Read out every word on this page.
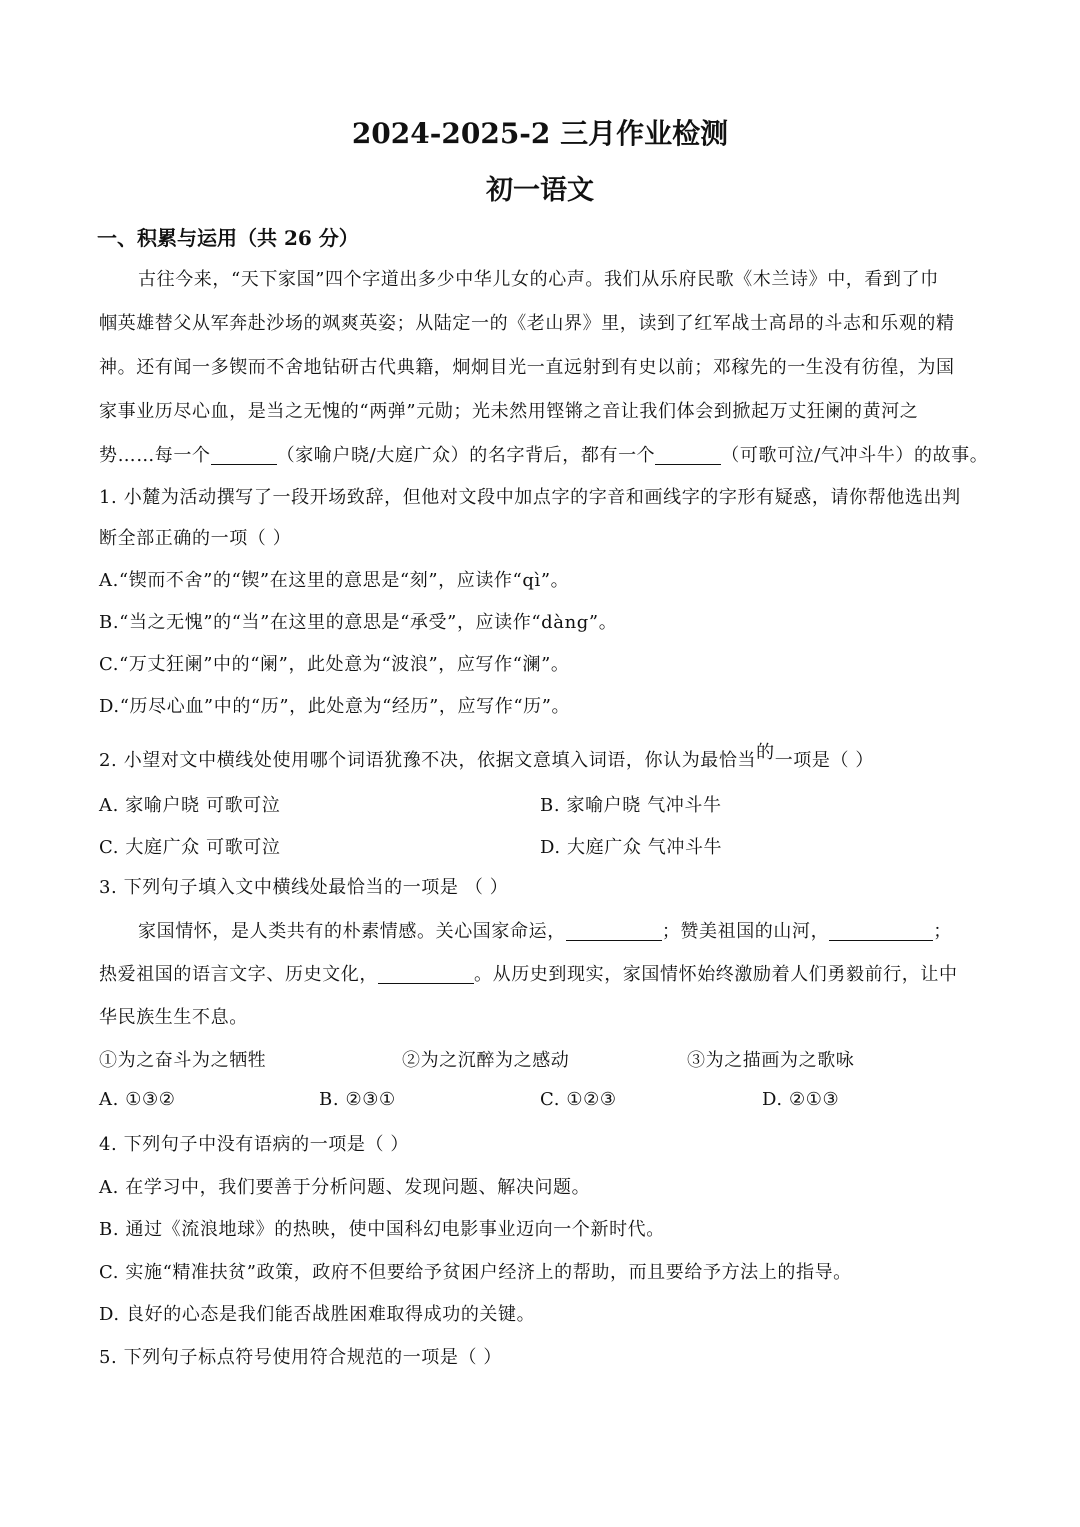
2024-2025-2 三月作业检测
初一语文
一、积累与运用（共 26 分）
古往今来，“天下家国”四个字道出多少中华儿女的心声。我们从乐府民歌《木兰诗》中，看到了巾
帼英雄替父从军奔赴沙场的飒爽英姿；从陆定一的《老山界》里，读到了红军战士高昂的斗志和乐观的精
神。还有闻一多锲而不舍地钻研古代典籍，炯炯目光一直远射到有史以前；邓稼先的一生没有彷徨，为国
家事业历尽心血，是当之无愧的“两弹”元勋；光未然用铿锵之音让我们体会到掀起万丈狂阑的黄河之
势……每一个	（家喻户晓/大庭广众）的名字背后，都有一个	（可歌可泣/气冲斗牛）的故事。
1. 小麓为活动撰写了一段开场致辞，但他对文段中加点字的字音和画线字的字形有疑惑，请你帮他选出判
断全部正确的一项（ ）
A.“锲而不舍”的“锲”在这里的意思是“刻”，应读作“qì”。
B.“当之无愧”的“当”在这里的意思是“承受”，应读作“dàng”。
C.“万丈狂阑”中的“阑”，此处意为“波浪”，应写作“澜”。
D.“历尽心血”中的“历”，此处意为“经历”，应写作“历”。
2. 小望对文中横线处使用哪个词语犹豫不决，依据文意填入词语，你认为最恰当的一项是（ ）
A. 家喻户晓 可歌可泣	B. 家喻户晓 气冲斗牛
C. 大庭广众 可歌可泣	D. 大庭广众 气冲斗牛
3. 下列句子填入文中横线处最恰当的一项是 （ ）
家国情怀，是人类共有的朴素情感。关心国家命运，	；赞美祖国的山河，	；
热爱祖国的语言文字、历史文化，	。从历史到现实，家国情怀始终激励着人们勇毅前行，让中
华民族生生不息。
①为之奋斗为之牺牲	②为之沉醉为之感动	③为之描画为之歌咏
A. ①③②	B. ②③①	C. ①②③	D. ②①③
4. 下列句子中没有语病的一项是（ ）
A. 在学习中，我们要善于分析问题、发现问题、解决问题。
B. 通过《流浪地球》的热映，使中国科幻电影事业迈向一个新时代。
C. 实施“精准扶贫”政策，政府不但要给予贫困户经济上的帮助，而且要给予方法上的指导。
D. 良好的心态是我们能否战胜困难取得成功的关键。
5. 下列句子标点符号使用符合规范的一项是（ ）
